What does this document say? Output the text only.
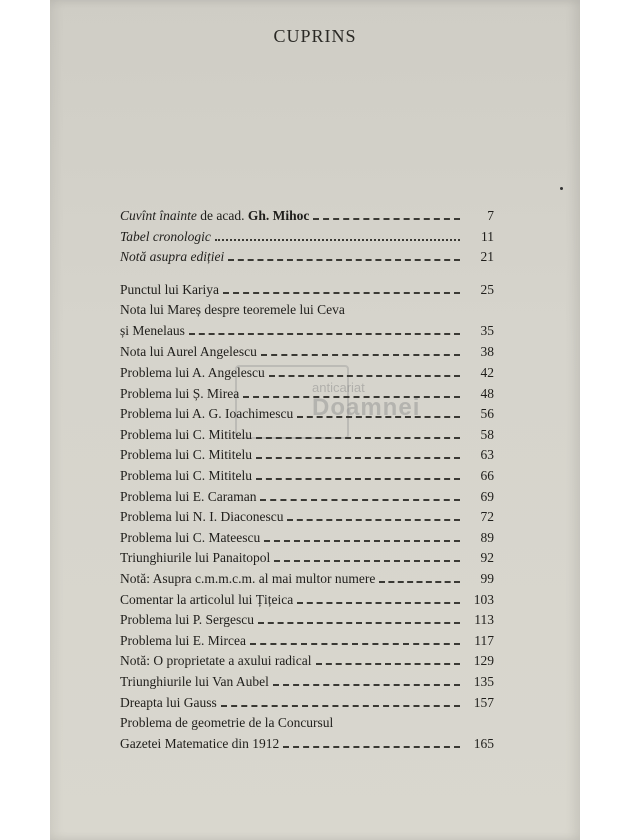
CUPRINS
anticariat
Doamnei
Cuvînt înainte de acad. Gh. Mihoc	7
Tabel cronologic	11
Notă asupra ediției	21
Punctul lui Kariya	25
Nota lui Mareș despre teoremele lui Ceva
și Menelaus	35
Nota lui Aurel Angelescu	38
Problema lui A. Angelescu	42
Problema lui Ș. Mirea	48
Problema lui A. G. Ioachimescu	56
Problema lui C. Mititelu	58
Problema lui C. Mititelu	63
Problema lui C. Mititelu	66
Problema lui E. Caraman	69
Problema lui N. I. Diaconescu	72
Problema lui C. Mateescu	89
Triunghiurile lui Panaitopol	92
Notă: Asupra c.m.m.c.m. al mai multor numere	99
Comentar la articolul lui Țițeica	103
Problema lui P. Sergescu	113
Problema lui E. Mircea	117
Notă: O proprietate a axului radical	129
Triunghiurile lui Van Aubel	135
Dreapta lui Gauss	157
Problema de geometrie de la Concursul
Gazetei Matematice din 1912	165
